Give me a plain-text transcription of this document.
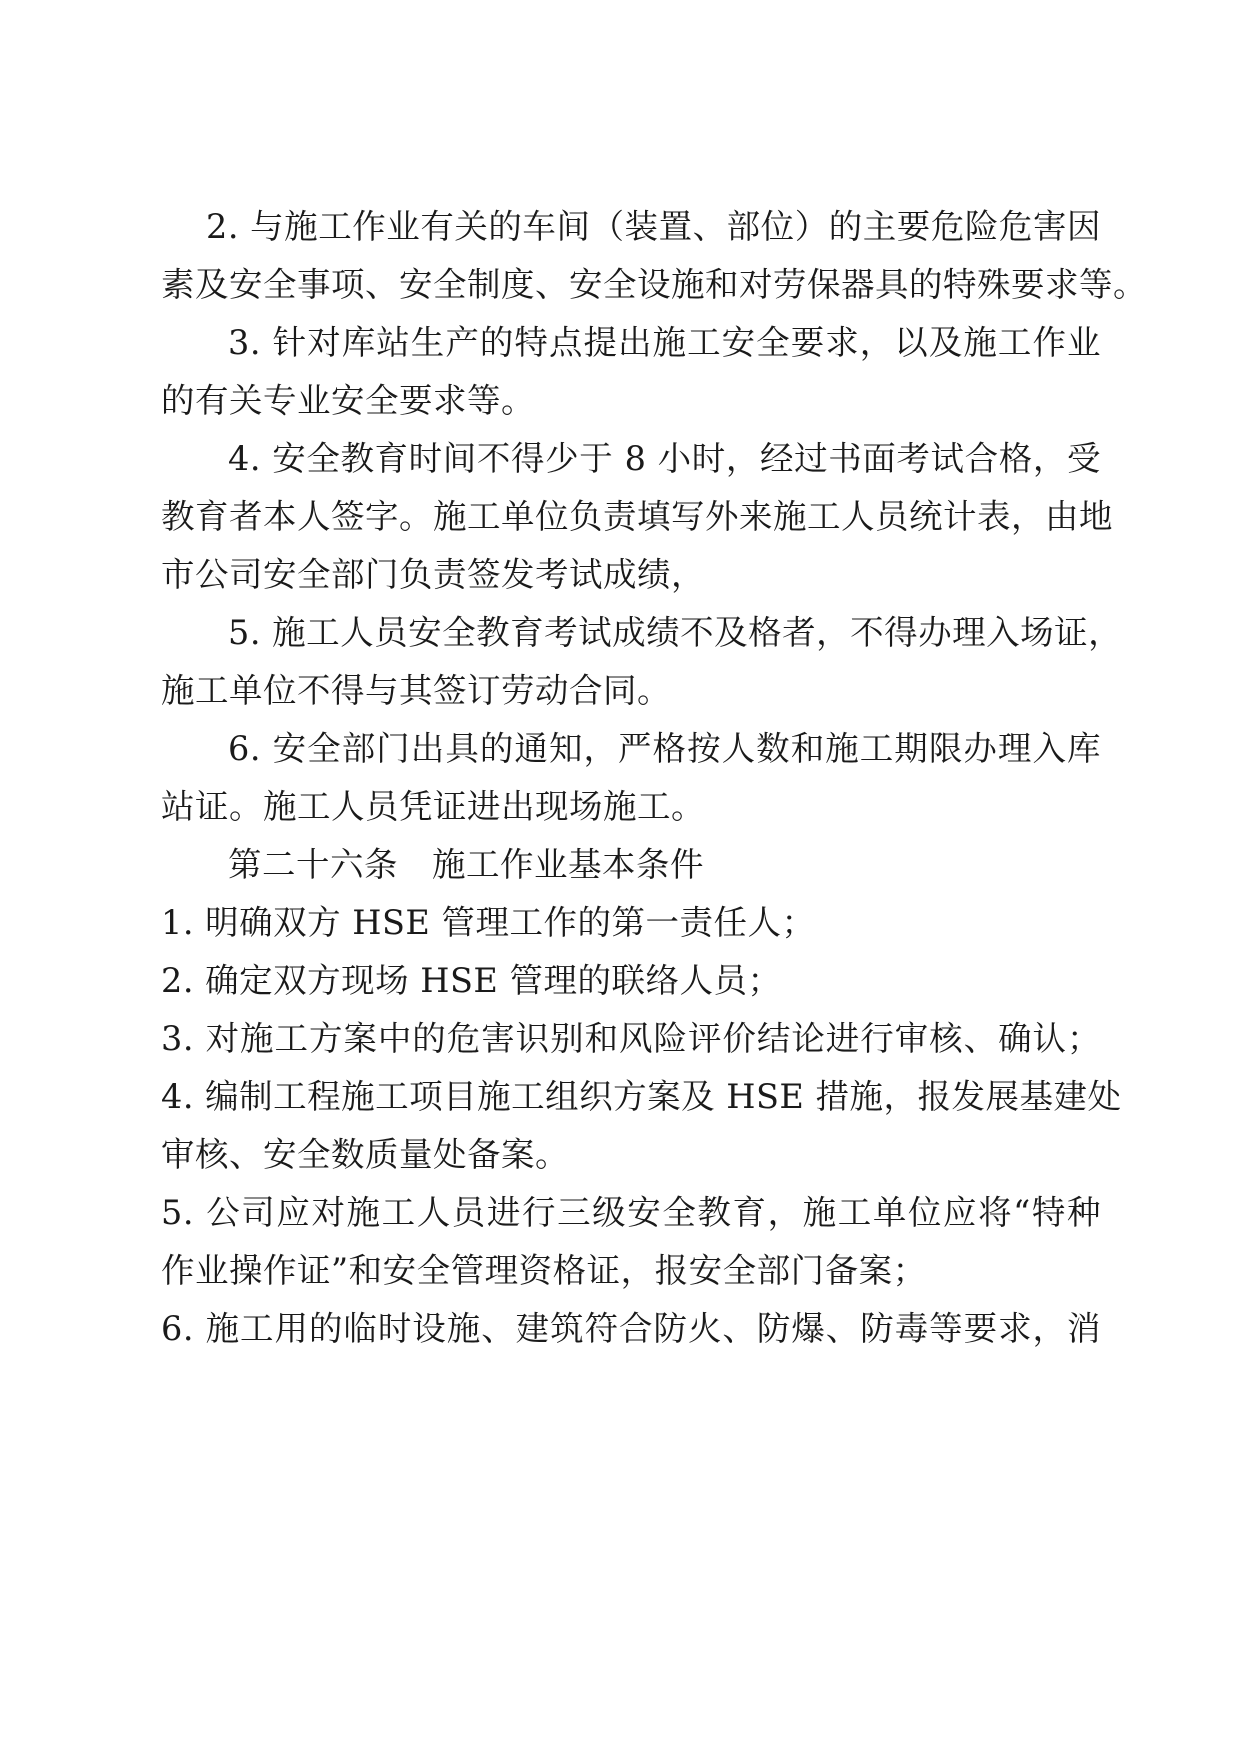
2. 与施工作业有关的车间（装置、部位）的主要危险危害因
素及安全事项、安全制度、安全设施和对劳保器具的特殊要求等。
3. 针对库站生产的特点提出施工安全要求，以及施工作业
的有关专业安全要求等。
4. 安全教育时间不得少于 8 小时，经过书面考试合格，受
教育者本人签字。施工单位负责填写外来施工人员统计表，由地
市公司安全部门负责签发考试成绩，
5. 施工人员安全教育考试成绩不及格者，不得办理入场证，
施工单位不得与其签订劳动合同。
6. 安全部门出具的通知，严格按人数和施工期限办理入库
站证。施工人员凭证进出现场施工。
第二十六条　施工作业基本条件
1. 明确双方 HSE 管理工作的第一责任人；
2. 确定双方现场 HSE 管理的联络人员；
3. 对施工方案中的危害识别和风险评价结论进行审核、确认；
4. 编制工程施工项目施工组织方案及 HSE 措施，报发展基建处
审核、安全数质量处备案。
5. 公司应对施工人员进行三级安全教育，施工单位应将“特种
作业操作证”和安全管理资格证，报安全部门备案；
6. 施工用的临时设施、建筑符合防火、防爆、防毒等要求，消
